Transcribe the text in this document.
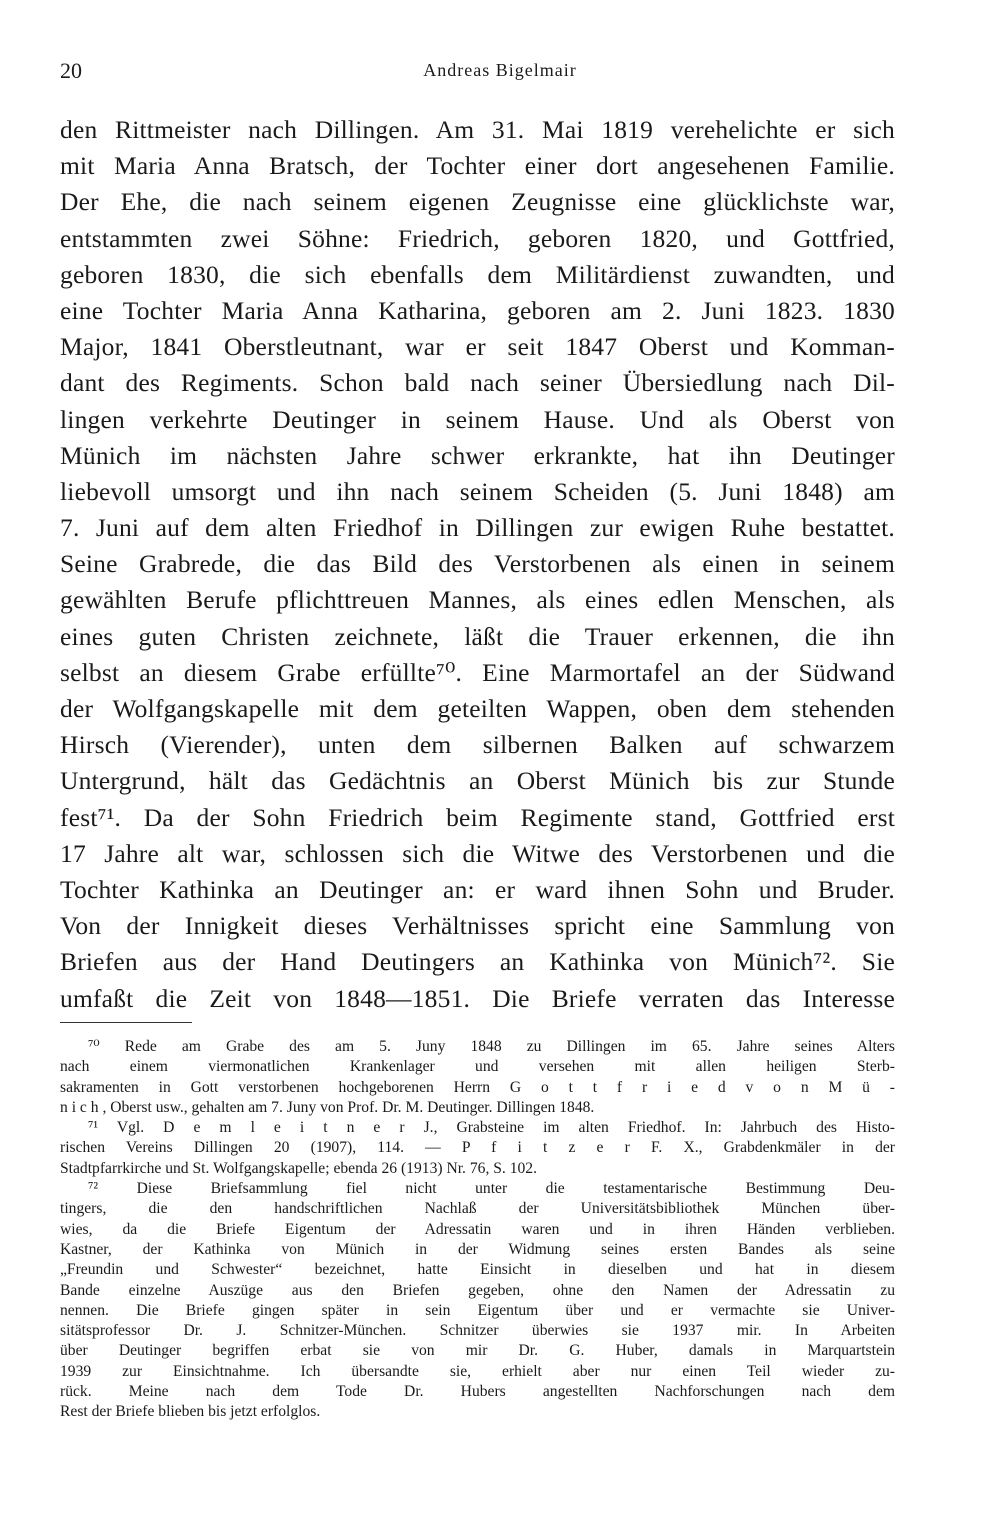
20	Andreas Bigelmair
den Rittmeister nach Dillingen. Am 31. Mai 1819 verehelichte er sich
mit Maria Anna Bratsch, der Tochter einer dort angesehenen Familie.
Der Ehe, die nach seinem eigenen Zeugnisse eine glücklichste war,
entstammten zwei Söhne: Friedrich, geboren 1820, und Gottfried,
geboren 1830, die sich ebenfalls dem Militärdienst zuwandten, und
eine Tochter Maria Anna Katharina, geboren am 2. Juni 1823. 1830
Major, 1841 Oberstleutnant, war er seit 1847 Oberst und Komman-
dant des Regiments. Schon bald nach seiner Übersiedlung nach Dil-
lingen verkehrte Deutinger in seinem Hause. Und als Oberst von
Münich im nächsten Jahre schwer erkrankte, hat ihn Deutinger
liebevoll umsorgt und ihn nach seinem Scheiden (5. Juni 1848) am
7. Juni auf dem alten Friedhof in Dillingen zur ewigen Ruhe bestattet.
Seine Grabrede, die das Bild des Verstorbenen als einen in seinem
gewählten Berufe pflichttreuen Mannes, als eines edlen Menschen, als
eines guten Christen zeichnete, läßt die Trauer erkennen, die ihn
selbst an diesem Grabe erfüllte⁷⁰. Eine Marmortafel an der Südwand
der Wolfgangskapelle mit dem geteilten Wappen, oben dem stehenden
Hirsch (Vierender), unten dem silbernen Balken auf schwarzem
Untergrund, hält das Gedächtnis an Oberst Münich bis zur Stunde
fest⁷¹. Da der Sohn Friedrich beim Regimente stand, Gottfried erst
17 Jahre alt war, schlossen sich die Witwe des Verstorbenen und die
Tochter Kathinka an Deutinger an: er ward ihnen Sohn und Bruder.
Von der Innigkeit dieses Verhältnisses spricht eine Sammlung von
Briefen aus der Hand Deutingers an Kathinka von Münich⁷². Sie
umfaßt die Zeit von 1848—1851. Die Briefe verraten das Interesse
⁷⁰ Rede am Grabe des am 5. Juny 1848 zu Dillingen im 65. Jahre seines Alters
nach einem viermonatlichen Krankenlager und versehen mit allen heiligen Sterb-
sakramenten in Gott verstorbenen hochgeborenen Herrn G o t t f r i e d v o n M ü -
n i c h , Oberst usw., gehalten am 7. Juny von Prof. Dr. M. Deutinger. Dillingen 1848.
⁷¹ Vgl. D e m l e i t n e r J., Grabsteine im alten Friedhof. In: Jahrbuch des Histo-
rischen Vereins Dillingen 20 (1907), 114. — P f i t z e r F. X., Grabdenkmäler in der
Stadtpfarrkirche und St. Wolfgangskapelle; ebenda 26 (1913) Nr. 76, S. 102.
⁷² Diese Briefsammlung fiel nicht unter die testamentarische Bestimmung Deu-
tingers, die den handschriftlichen Nachlaß der Universitätsbibliothek München über-
wies, da die Briefe Eigentum der Adressatin waren und in ihren Händen verblieben.
Kastner, der Kathinka von Münich in der Widmung seines ersten Bandes als seine
„Freundin und Schwester“ bezeichnet, hatte Einsicht in dieselben und hat in diesem
Bande einzelne Auszüge aus den Briefen gegeben, ohne den Namen der Adressatin zu
nennen. Die Briefe gingen später in sein Eigentum über und er vermachte sie Univer-
sitätsprofessor Dr. J. Schnitzer-München. Schnitzer überwies sie 1937 mir. In Arbeiten
über Deutinger begriffen erbat sie von mir Dr. G. Huber, damals in Marquartstein
1939 zur Einsichtnahme. Ich übersandte sie, erhielt aber nur einen Teil wieder zu-
rück. Meine nach dem Tode Dr. Hubers angestellten Nachforschungen nach dem
Rest der Briefe blieben bis jetzt erfolglos.
